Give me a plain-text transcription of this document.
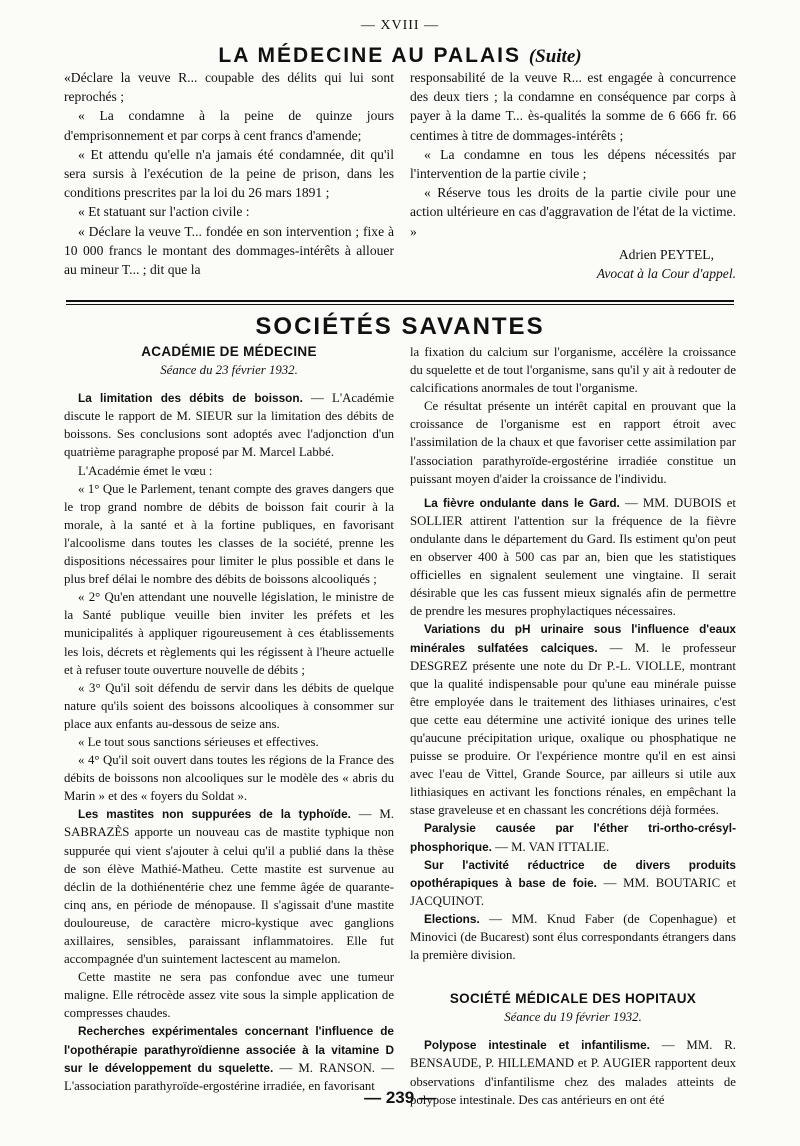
— XVIII —
LA MÉDECINE AU PALAIS (Suite)

«Déclare la veuve R... coupable des délits qui lui sont reprochés ;

« La condamne à la peine de quinze jours d'emprisonnement et par corps à cent francs d'amende;

« Et attendu qu'elle n'a jamais été condamnée, dit qu'il sera sursis à l'exécution de la peine de prison, dans les conditions prescrites par la loi du 26 mars 1891 ;

« Et statuant sur l'action civile :

« Déclare la veuve T... fondée en son intervention ; fixe à 10 000 francs le montant des dommages-intérêts à allouer au mineur T... ; dit que la

responsabilité de la veuve R... est engagée à concurrence des deux tiers ; la condamne en conséquence par corps à payer à la dame T... ès-qualités la somme de 6 666 fr. 66 centimes à titre de dommages-intérêts ;

« La condamne en tous les dépens nécessités par l'intervention de la partie civile ;

« Réserve tous les droits de la partie civile pour une action ultérieure en cas d'aggravation de l'état de la victime. »

Adrien PEYTEL,
Avocat à la Cour d'appel.
SOCIÉTÉS SAVANTES

ACADÉMIE DE MÉDECINE

Séance du 23 février 1932.

La limitation des débits de boisson. — L'Académie discute le rapport de M. SIEUR sur la limitation des débits de boissons. Ses conclusions sont adoptés avec l'adjonction d'un quatrième paragraphe proposé par M. Marcel Labbé.

L'Académie émet le vœu :

« 1° Que le Parlement, tenant compte des graves dangers que le trop grand nombre de débits de boisson fait courir à la morale, à la santé et à la fortine publiques, en favorisant l'alcoolisme dans toutes les classes de la société, prenne les dispositions nécessaires pour limiter le plus possible et dans le plus bref délai le nombre des débits de boissons alcooliqués ;

« 2° Qu'en attendant une nouvelle législation, le ministre de la Santé publique veuille bien inviter les préfets et les municipalités à appliquer rigoureusement à ces établissements les lois, décrets et règlements qui les régissent à l'heure actuelle et à refuser toute ouverture nouvelle de débits ;

« 3° Qu'il soit défendu de servir dans les débits de quelque nature qu'ils soient des boissons alcooliques à consommer sur place aux enfants au-dessous de seize ans.

« Le tout sous sanctions sérieuses et effectives.

« 4° Qu'il soit ouvert dans toutes les régions de la France des débits de boissons non alcooliques sur le modèle des « abris du Marin » et des « foyers du Soldat ».

Les mastites non suppurées de la typhoïde. — M. SABRAZÈS apporte un nouveau cas de mastite typhique non suppurée qui vient s'ajouter à celui qu'il a publié dans la thèse de son élève Mathié-Matheu. Cette mastite est survenue au déclin de la dothiénentérie chez une femme âgée de quarante-cinq ans, en période de ménopause. Il s'agissait d'une mastite douloureuse, de caractère micro-kystique avec ganglions axillaires, sensibles, paraissant inflammatoires. Elle fut accompagnée d'un suintement lactescent au mamelon.

Cette mastite ne sera pas confondue avec une tumeur maligne. Elle rétrocède assez vite sous la simple application de compresses chaudes.

Recherches expérimentales concernant l'influence de l'opothérapie parathyroïdienne associée à la vitamine D sur le développement du squelette. — M. RANSON. — L'association parathyroïde-ergostérine irradiée, en favorisant

la fixation du calcium sur l'organisme, accélère la croissance du squelette et de tout l'organisme, sans qu'il y ait à redouter de calcifications anormales de tout l'organisme.

Ce résultat présente un intérêt capital en prouvant que la croissance de l'organisme est en rapport étroit avec l'assimilation de la chaux et que favoriser cette assimilation par l'association parathyroïde-ergostérine irradiée constitue un puissant moyen d'aider la croissance de l'individu.

La fièvre ondulante dans le Gard. — MM. DUBOIS et SOLLIER attirent l'attention sur la fréquence de la fièvre ondulante dans le département du Gard. Ils estiment qu'on peut en observer 400 à 500 cas par an, bien que les statistiques officielles en signalent seulement une vingtaine. Il serait désirable que les cas fussent mieux signalés afin de permettre de prendre les mesures prophylactiques nécessaires.

Variations du pH urinaire sous l'influence d'eaux minérales sulfatées calciques. — M. le professeur DESGREZ présente une note du Dr P.-L. VIOLLE, montrant que la qualité indispensable pour qu'une eau minérale puisse être employée dans le traitement des lithiases urinaires, c'est que cette eau détermine une activité ionique des urines telle qu'aucune précipitation urique, oxalique ou phosphatique ne puisse se produire. Or l'expérience montre qu'il en est ainsi avec l'eau de Vittel, Grande Source, par ailleurs si utile aux lithiasiques en activant les fonctions rénales, en empêchant la stase graveleuse et en chassant les concrétions déjà formées.

Paralysie causée par l'éther tri-ortho-crésyl-phosphorique. — M. VAN ITTALIE.

Sur l'activité réductrice de divers produits opothérapiques à base de foie. — MM. BOUTARIC et JACQUINOT.

Elections. — MM. Knud Faber (de Copenhague) et Minovici (de Bucarest) sont élus correspondants étrangers dans la première division.

SOCIÉTÉ MÉDICALE DES HOPITAUX

Séance du 19 février 1932.

Polypose intestinale et infantilisme. — MM. R. BENSAUDE, P. HILLEMAND et P. AUGIER rapportent deux observations d'infantilisme chez des malades atteints de polypose intestinale. Des cas antérieurs en ont été

— 239 —
